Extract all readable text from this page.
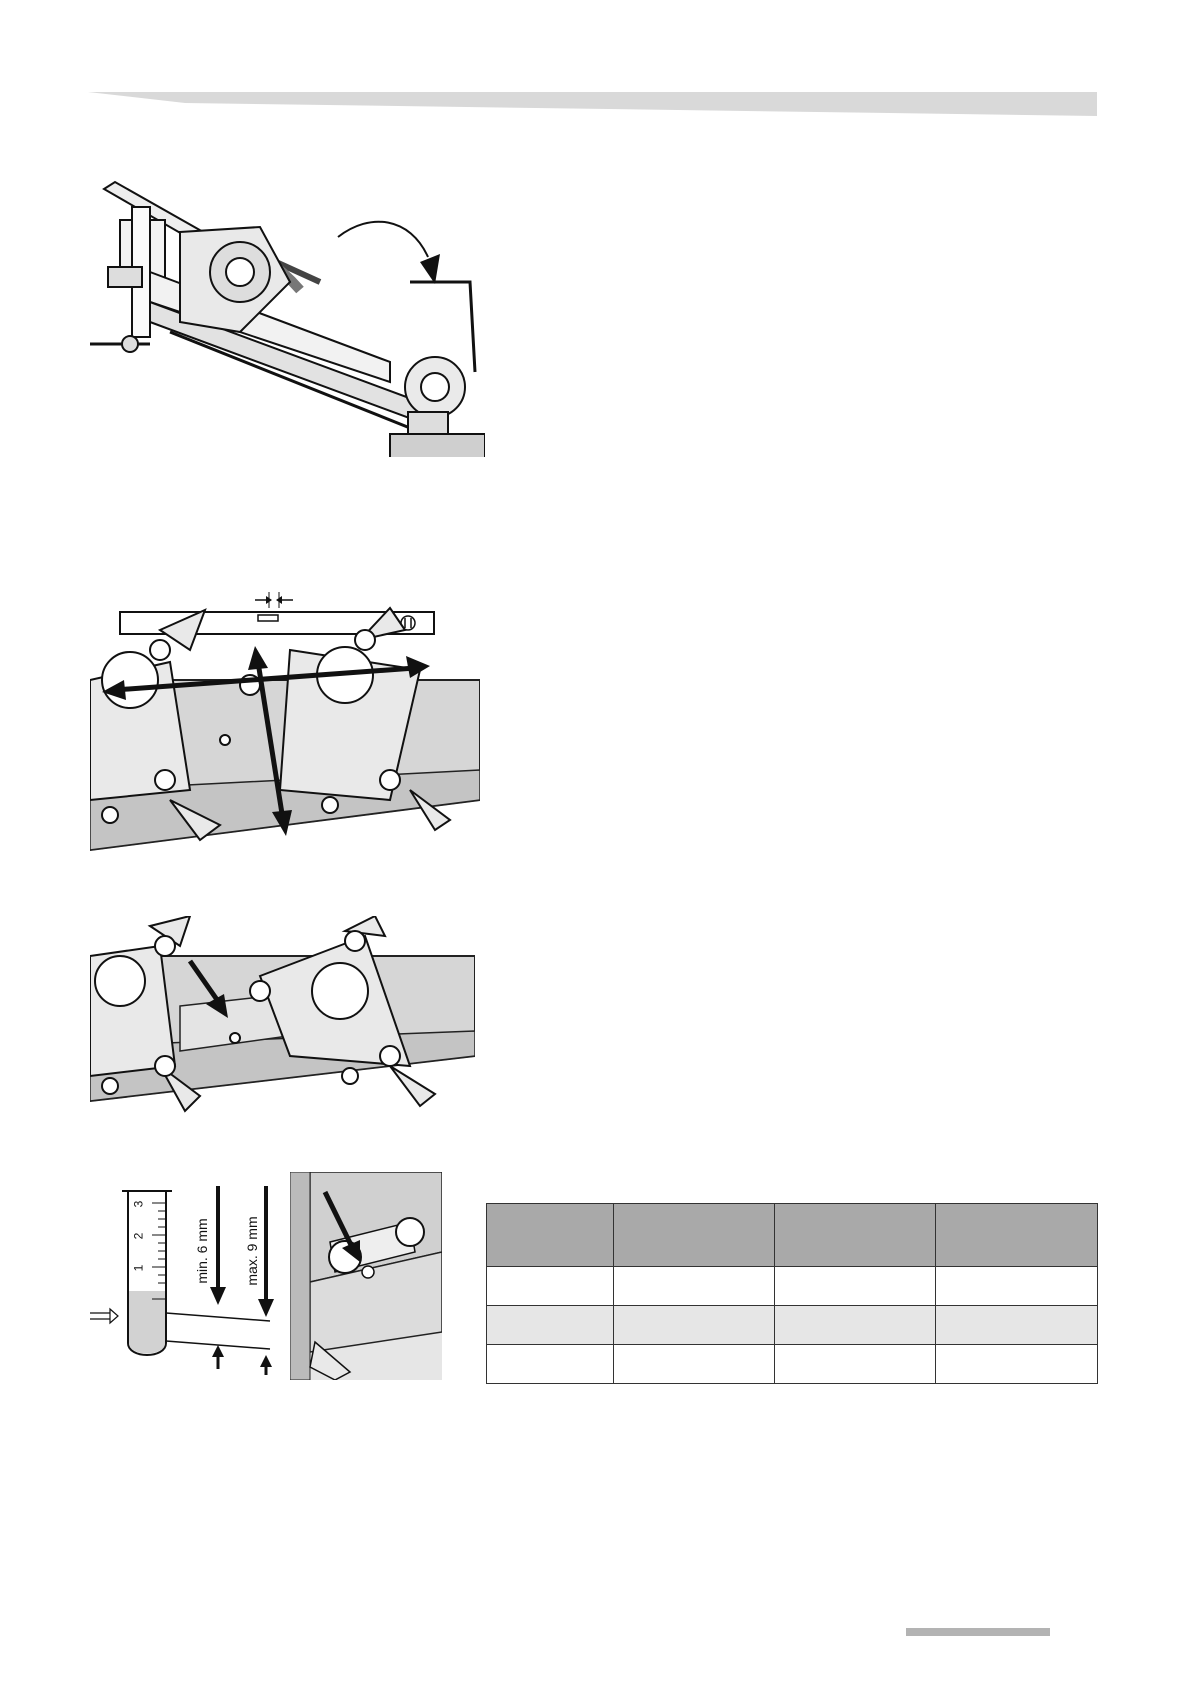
3
2
1	min. 6 mm max. 9 mm
